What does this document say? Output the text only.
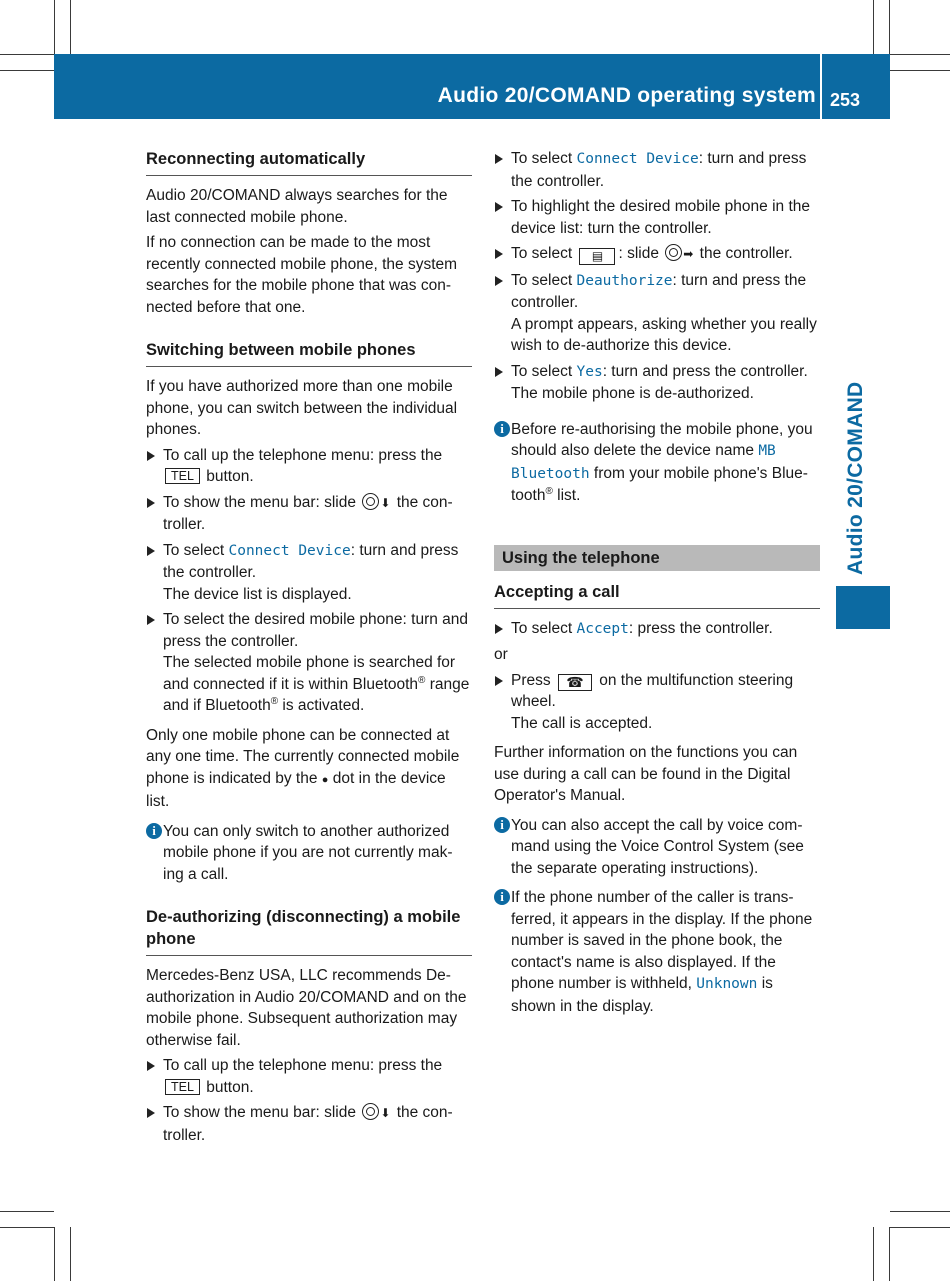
Audio 20/COMAND operating system 253
Audio 20/COMAND
Reconnecting automatically

Audio 20/COMAND always searches for the last connected mobile phone.

If no connection can be made to the most recently connected mobile phone, the system searches for the mobile phone that was con-nected before that one.

Switching between mobile phones

If you have authorized more than one mobile phone, you can switch between the individual phones.

To call up the telephone menu: press the TEL button.
To show the menu bar: slide ⬇ the con-troller.
To select Connect Device: turn and press the controller.
The device list is displayed.
To select the desired mobile phone: turn and press the controller.
The selected mobile phone is searched for and connected if it is within Bluetooth® range and if Bluetooth® is activated.

Only one mobile phone can be connected at any one time. The currently connected mobile phone is indicated by the ● dot in the device list.

i You can only switch to another authorized mobile phone if you are not currently mak-ing a call.
De-authorizing (disconnecting) a mobile phone

Mercedes-Benz USA, LLC recommends De-authorization in Audio 20/COMAND and on the mobile phone. Subsequent authorization may otherwise fail.

To call up the telephone menu: press the TEL button.
To show the menu bar: slide ⬇ the con-troller.
To select Connect Device: turn and press the controller.
To highlight the desired mobile phone in the device list: turn the controller.
To select ▤ : slide ➡ the controller.
To select Deauthorize: turn and press the controller.
A prompt appears, asking whether you really wish to de-authorize this device.
To select Yes: turn and press the controller.
The mobile phone is de-authorized.
i Before re-authorising the mobile phone, you should also delete the device name MB Bluetooth from your mobile phone's Blue-tooth® list.
Using the telephone
Accepting a call
To select Accept: press the controller.

or

Press ☎ on the multifunction steering wheel.
The call is accepted.

Further information on the functions you can use during a call can be found in the Digital Operator's Manual.

i You can also accept the call by voice com-mand using the Voice Control System (see the separate operating instructions).
i If the phone number of the caller is trans-ferred, it appears in the display. If the phone number is saved in the phone book, the contact's name is also displayed. If the phone number is withheld, Unknown is shown in the display.
